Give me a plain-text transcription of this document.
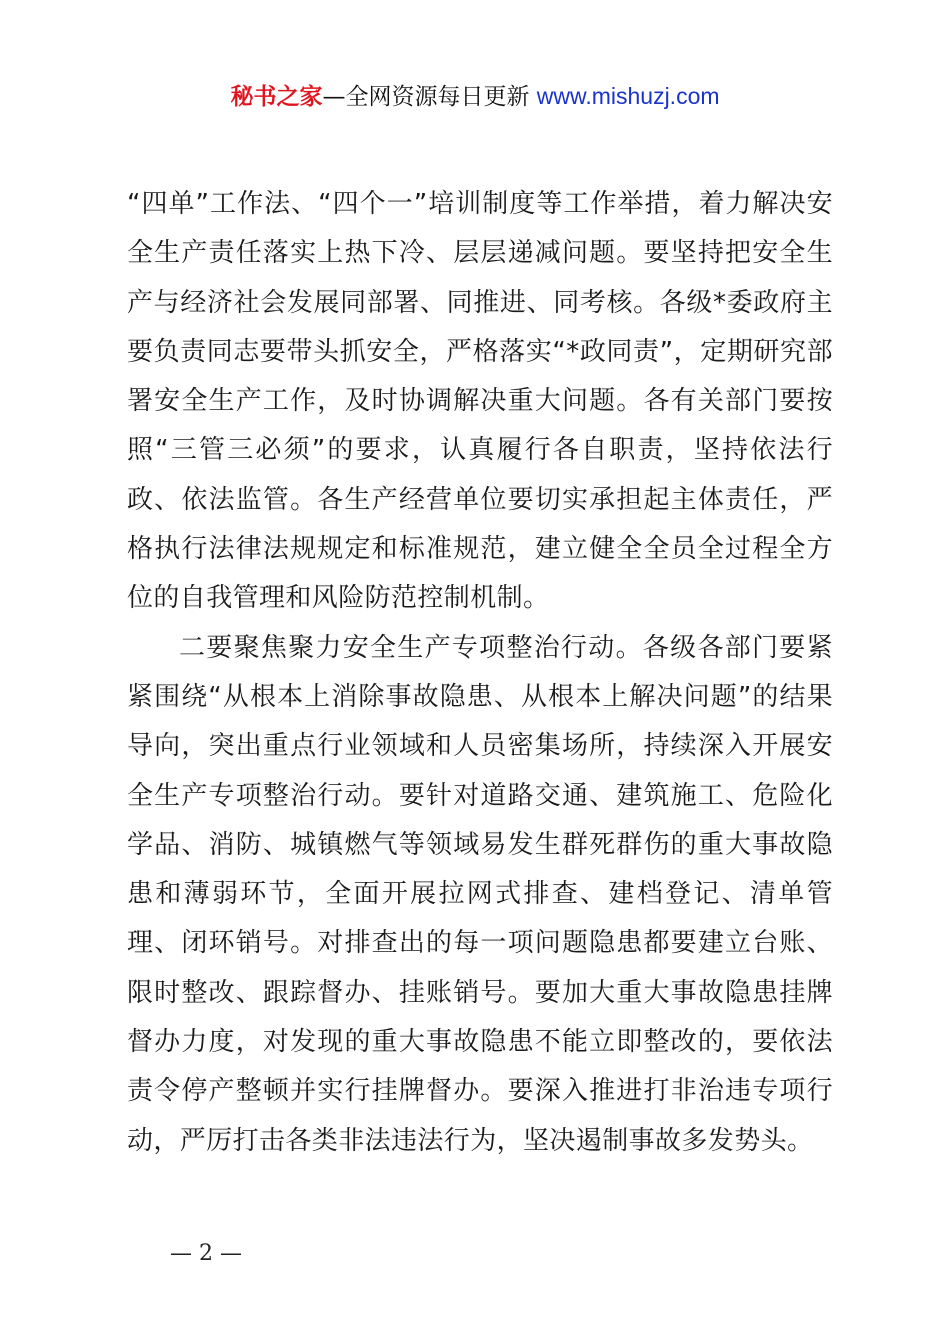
秘书之家—全网资源每日更新 www.mishuzj.com

“四单”工作法、“四个一”培训制度等工作举措，着力解决安全生产责任落实上热下冷、层层递减问题。要坚持把安全生产与经济社会发展同部署、同推进、同考核。各级*委政府主要负责同志要带头抓安全，严格落实“*政同责”，定期研究部署安全生产工作，及时协调解决重大问题。各有关部门要按照“三管三必须”的要求，认真履行各自职责，坚持依法行政、依法监管。各生产经营单位要切实承担起主体责任，严格执行法律法规规定和标准规范，建立健全全员全过程全方位的自我管理和风险防范控制机制。

二要聚焦聚力安全生产专项整治行动。各级各部门要紧紧围绕“从根本上消除事故隐患、从根本上解决问题”的结果导向，突出重点行业领域和人员密集场所，持续深入开展安全生产专项整治行动。要针对道路交通、建筑施工、危险化学品、消防、城镇燃气等领域易发生群死群伤的重大事故隐患和薄弱环节，全面开展拉网式排查、建档登记、清单管理、闭环销号。对排查出的每一项问题隐患都要建立台账、限时整改、跟踪督办、挂账销号。要加大重大事故隐患挂牌督办力度，对发现的重大事故隐患不能立即整改的，要依法责令停产整顿并实行挂牌督办。要深入推进打非治违专项行动，严厉打击各类非法违法行为，坚决遏制事故多发势头。

— 2 —
